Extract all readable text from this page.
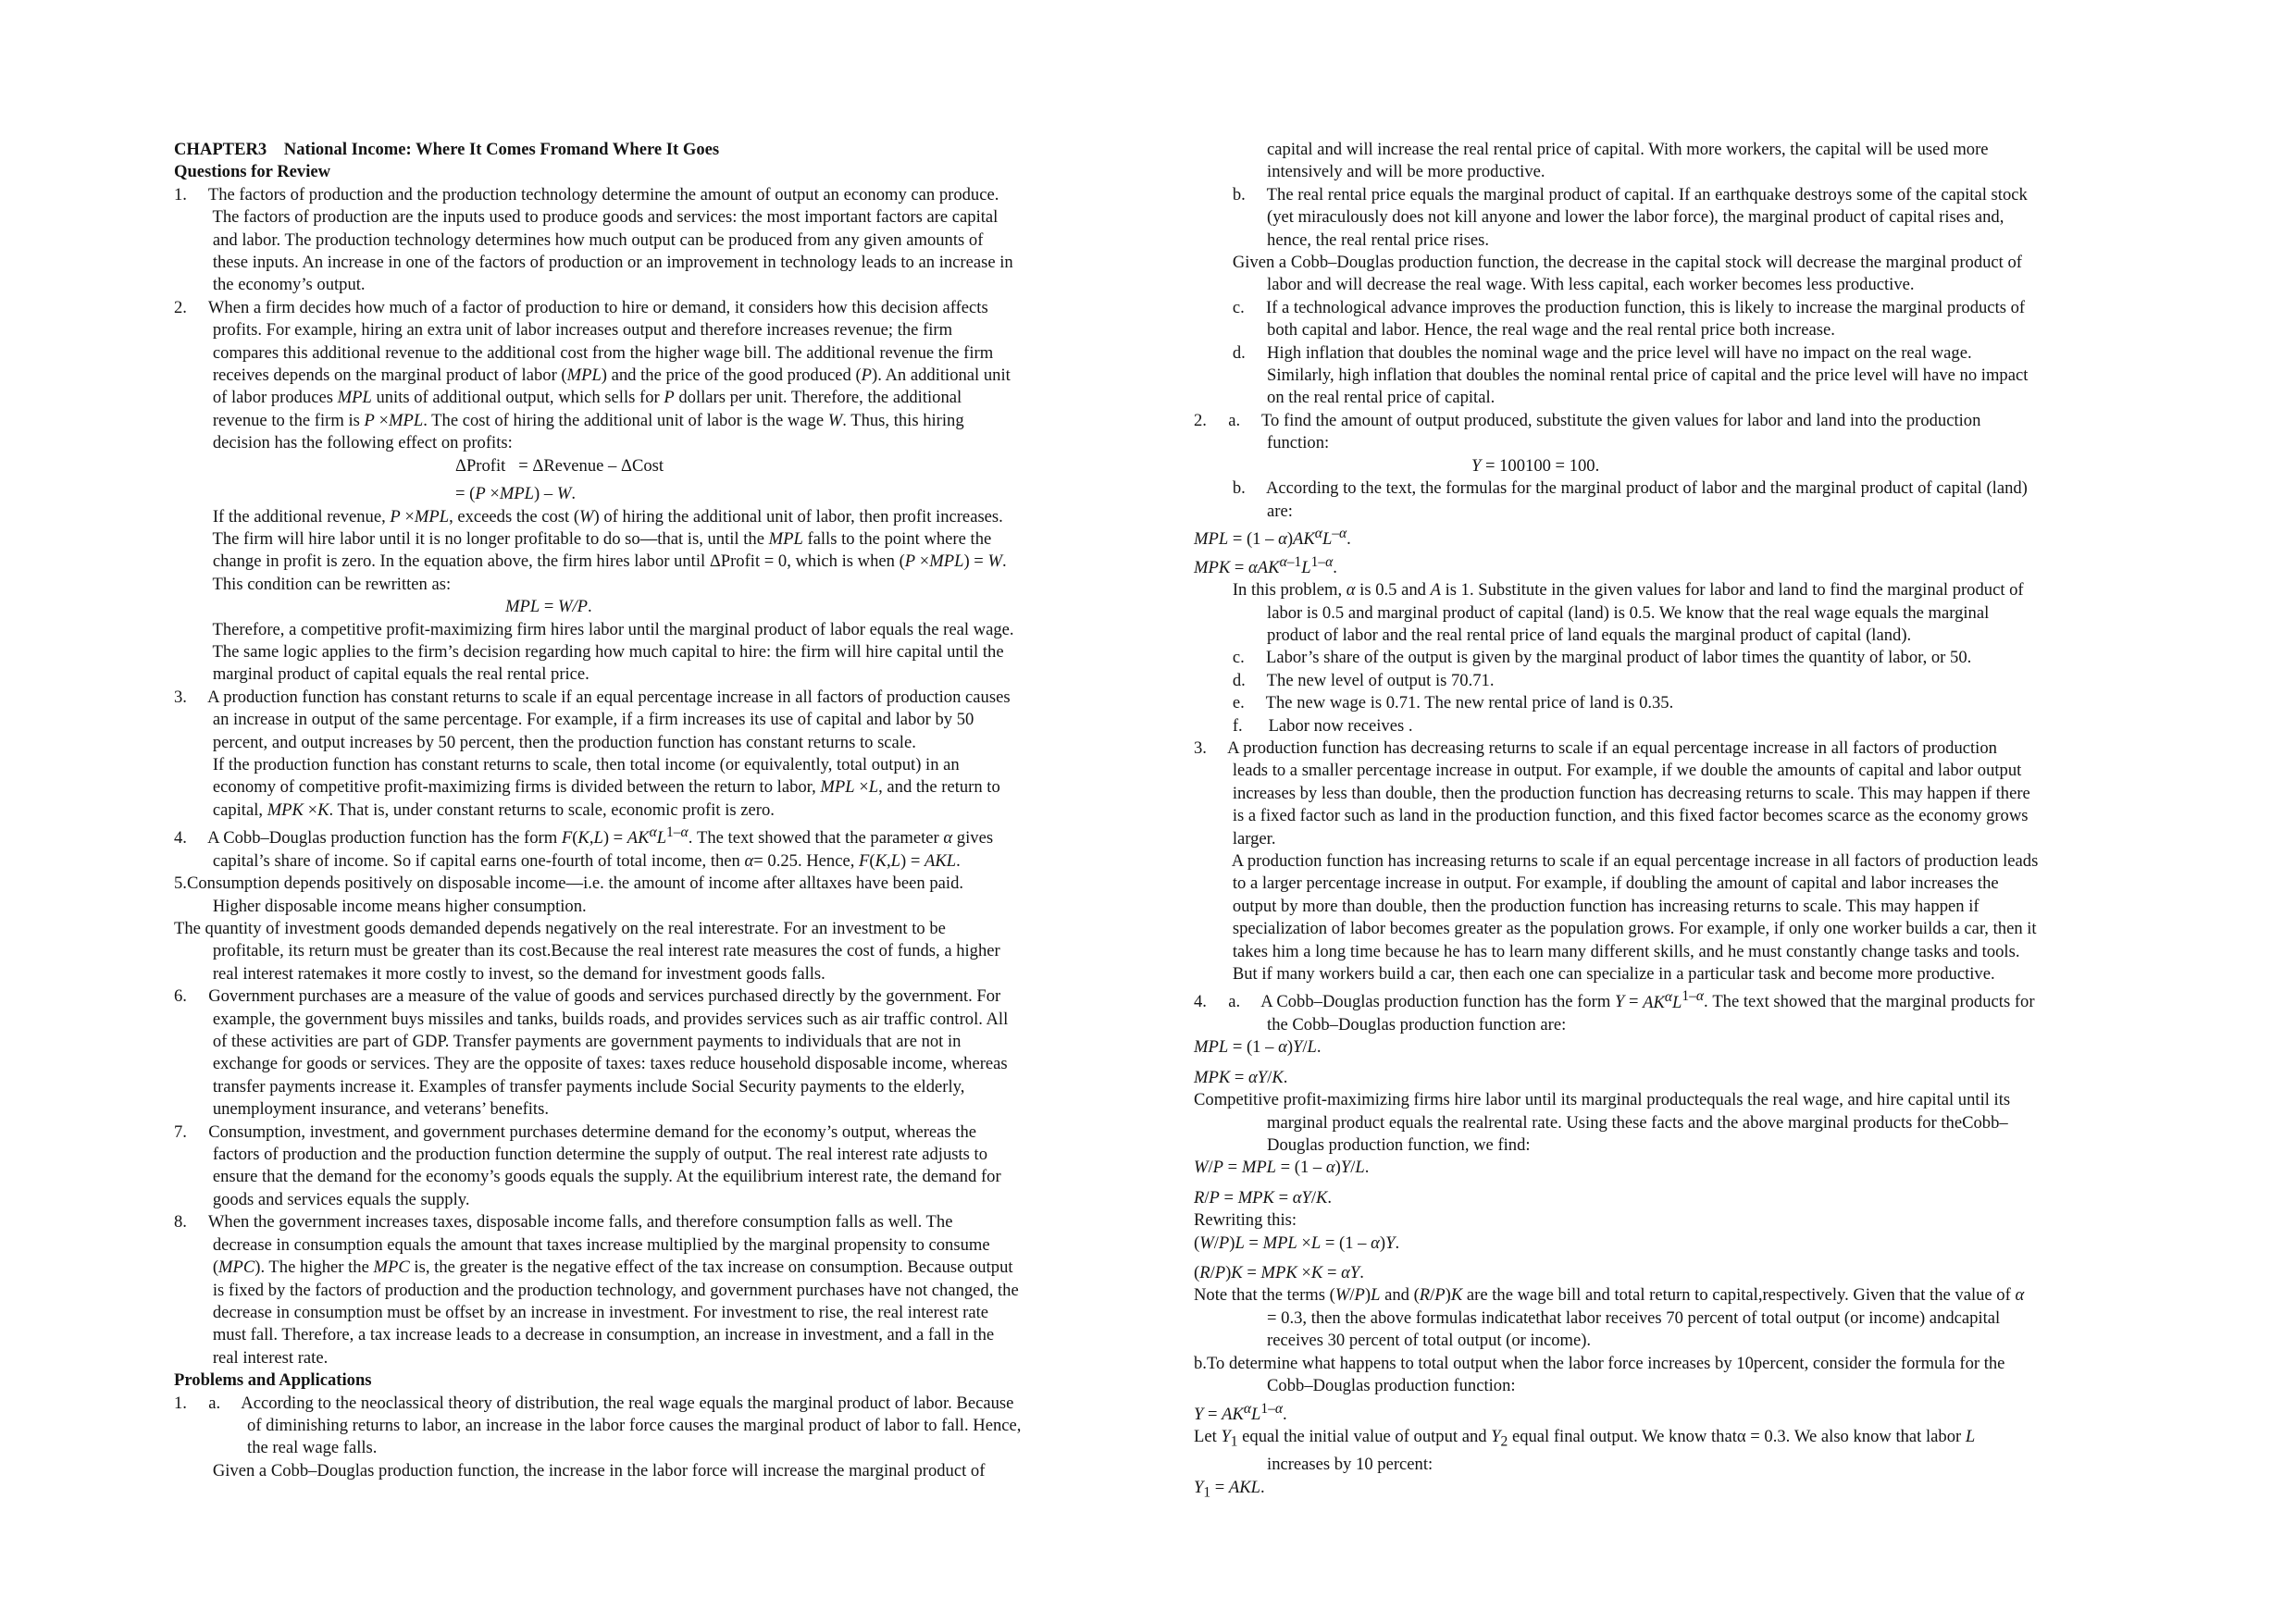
CHAPTER3    National Income: Where It Comes Fromand Where It Goes

Questions for Review

1.     The factors of production and the production technology determine the amount of output an economy can produce.

The factors of production are the inputs used to produce goods and services: the most important factors are capital

and labor. The production technology determines how much output can be produced from any given amounts of

these inputs. An increase in one of the factors of production or an improvement in technology leads to an increase in

the economy’s output.

2.     When a firm decides how much of a factor of production to hire or demand, it considers how this decision affects

profits. For example, hiring an extra unit of labor increases output and therefore increases revenue; the firm

compares this additional revenue to the additional cost from the higher wage bill. The additional revenue the firm

receives depends on the marginal product of labor (MPL) and the price of the good produced (P). An additional unit

of labor produces MPL units of additional output, which sells for P dollars per unit. Therefore, the additional

revenue to the firm is P ×MPL. The cost of hiring the additional unit of labor is the wage W. Thus, this hiring

decision has the following effect on profits:

ΔProfit   = ΔRevenue – ΔCost

= (P ×MPL) – W.

If the additional revenue, P ×MPL, exceeds the cost (W) of hiring the additional unit of labor, then profit increases.

The firm will hire labor until it is no longer profitable to do so—that is, until the MPL falls to the point where the

change in profit is zero. In the equation above, the firm hires labor until ΔProfit = 0, which is when (P ×MPL) = W.

This condition can be rewritten as:

MPL = W/P.

Therefore, a competitive profit-maximizing firm hires labor until the marginal product of labor equals the real wage.

The same logic applies to the firm’s decision regarding how much capital to hire: the firm will hire capital until the

marginal product of capital equals the real rental price.

3.     A production function has constant returns to scale if an equal percentage increase in all factors of production causes

an increase in output of the same percentage. For example, if a firm increases its use of capital and labor by 50

percent, and output increases by 50 percent, then the production function has constant returns to scale.

If the production function has constant returns to scale, then total income (or equivalently, total output) in an

economy of competitive profit-maximizing firms is divided between the return to labor, MPL ×L, and the return to

capital, MPK ×K. That is, under constant returns to scale, economic profit is zero.

4.     A Cobb–Douglas production function has the form $F(K,L) = AK^\alpha L^{1-\alpha}$. The text showed that the parameter α gives

capital’s share of income. So if capital earns one-fourth of total income, then α= 0.25. Hence, F(K,L) = AKL.

5.Consumption depends positively on disposable income—i.e. the amount of income after alltaxes have been paid.

Higher disposable income means higher consumption.

The quantity of investment goods demanded depends negatively on the real interestrate. For an investment to be

profitable, its return must be greater than its cost.Because the real interest rate measures the cost of funds, a higher

real interest ratemakes it more costly to invest, so the demand for investment goods falls.

6.     Government purchases are a measure of the value of goods and services purchased directly by the government. For

example, the government buys missiles and tanks, builds roads, and provides services such as air traffic control. All

of these activities are part of GDP. Transfer payments are government payments to individuals that are not in

exchange for goods or services. They are the opposite of taxes: taxes reduce household disposable income, whereas

transfer payments increase it. Examples of transfer payments include Social Security payments to the elderly,

unemployment insurance, and veterans’ benefits.

7.     Consumption, investment, and government purchases determine demand for the economy’s output, whereas the

factors of production and the production function determine the supply of output. The real interest rate adjusts to

ensure that the demand for the economy’s goods equals the supply. At the equilibrium interest rate, the demand for

goods and services equals the supply.

8.     When the government increases taxes, disposable income falls, and therefore consumption falls as well. The

decrease in consumption equals the amount that taxes increase multiplied by the marginal propensity to consume

(MPC). The higher the MPC is, the greater is the negative effect of the tax increase on consumption. Because output

is fixed by the factors of production and the production technology, and government purchases have not changed, the

decrease in consumption must be offset by an increase in investment. For investment to rise, the real interest rate

must fall. Therefore, a tax increase leads to a decrease in consumption, an increase in investment, and a fall in the

real interest rate.

Problems and Applications

1.     a.     According to the neoclassical theory of distribution, the real wage equals the marginal product of labor. Because

of diminishing returns to labor, an increase in the labor force causes the marginal product of labor to fall. Hence,

the real wage falls.

Given a Cobb–Douglas production function, the increase in the labor force will increase the marginal product of

capital and will increase the real rental price of capital. With more workers, the capital will be used more

intensively and will be more productive.

b.     The real rental price equals the marginal product of capital. If an earthquake destroys some of the capital stock

(yet miraculously does not kill anyone and lower the labor force), the marginal product of capital rises and,

hence, the real rental price rises.

Given a Cobb–Douglas production function, the decrease in the capital stock will decrease the marginal product of

labor and will decrease the real wage. With less capital, each worker becomes less productive.

c.     If a technological advance improves the production function, this is likely to increase the marginal products of

both capital and labor. Hence, the real wage and the real rental price both increase.

d.     High inflation that doubles the nominal wage and the price level will have no impact on the real wage.

Similarly, high inflation that doubles the nominal rental price of capital and the price level will have no impact

on the real rental price of capital.

2.     a.     To find the amount of output produced, substitute the given values for labor and land into the production

function:

Y = 100100 = 100.

b.     According to the text, the formulas for the marginal product of labor and the marginal product of capital (land)

are:

MPL = $(1 - \alpha)AK^\alpha L^{-\alpha}$.

MPK = $\alpha AK^{\alpha-1}L^{1-\alpha}$.

In this problem, α is 0.5 and A is 1. Substitute in the given values for labor and land to find the marginal product of

labor is 0.5 and marginal product of capital (land) is 0.5. We know that the real wage equals the marginal

product of labor and the real rental price of land equals the marginal product of capital (land).

c.     Labor’s share of the output is given by the marginal product of labor times the quantity of labor, or 50.

d.     The new level of output is 70.71.

e.     The new wage is 0.71. The new rental price of land is 0.35.

f.      Labor now receives .

3.     A production function has decreasing returns to scale if an equal percentage increase in all factors of production

leads to a smaller percentage increase in output. For example, if we double the amounts of capital and labor output

increases by less than double, then the production function has decreasing returns to scale. This may happen if there

is a fixed factor such as land in the production function, and this fixed factor becomes scarce as the economy grows

larger.

A production function has increasing returns to scale if an equal percentage increase in all factors of production leads

to a larger percentage increase in output. For example, if doubling the amount of capital and labor increases the

output by more than double, then the production function has increasing returns to scale. This may happen if

specialization of labor becomes greater as the population grows. For example, if only one worker builds a car, then it

takes him a long time because he has to learn many different skills, and he must constantly change tasks and tools.

But if many workers build a car, then each one can specialize in a particular task and become more productive.

4.     a.     A Cobb–Douglas production function has the form $Y = AK^\alpha L^{1-\alpha}$. The text showed that the marginal products for

the Cobb–Douglas production function are:

MPL = (1 – α)Y/L.

MPK = αY/K.

Competitive profit-maximizing firms hire labor until its marginal productequals the real wage, and hire capital until its

marginal product equals the realrental rate. Using these facts and the above marginal products for theCobb–

Douglas production function, we find:

W/P = MPL = (1 – α)Y/L.

R/P = MPK = αY/K.

Rewriting this:

(W/P)L = MPL ×L = (1 – α)Y.

(R/P)K = MPK ×K = αY.

Note that the terms (W/P)L and (R/P)K are the wage bill and total return to capital,respectively. Given that the value of α

= 0.3, then the above formulas indicatethat labor receives 70 percent of total output (or income) andcapital

receives 30 percent of total output (or income).

b.To determine what happens to total output when the labor force increases by 10percent, consider the formula for the

Cobb–Douglas production function:

$Y = AK^\alpha L^{1-\alpha}$.

Let $Y_1$ equal the initial value of output and $Y_2$ equal final output. We know thatα = 0.3. We also know that labor L

increases by 10 percent:

$Y_1$ = AKL.
